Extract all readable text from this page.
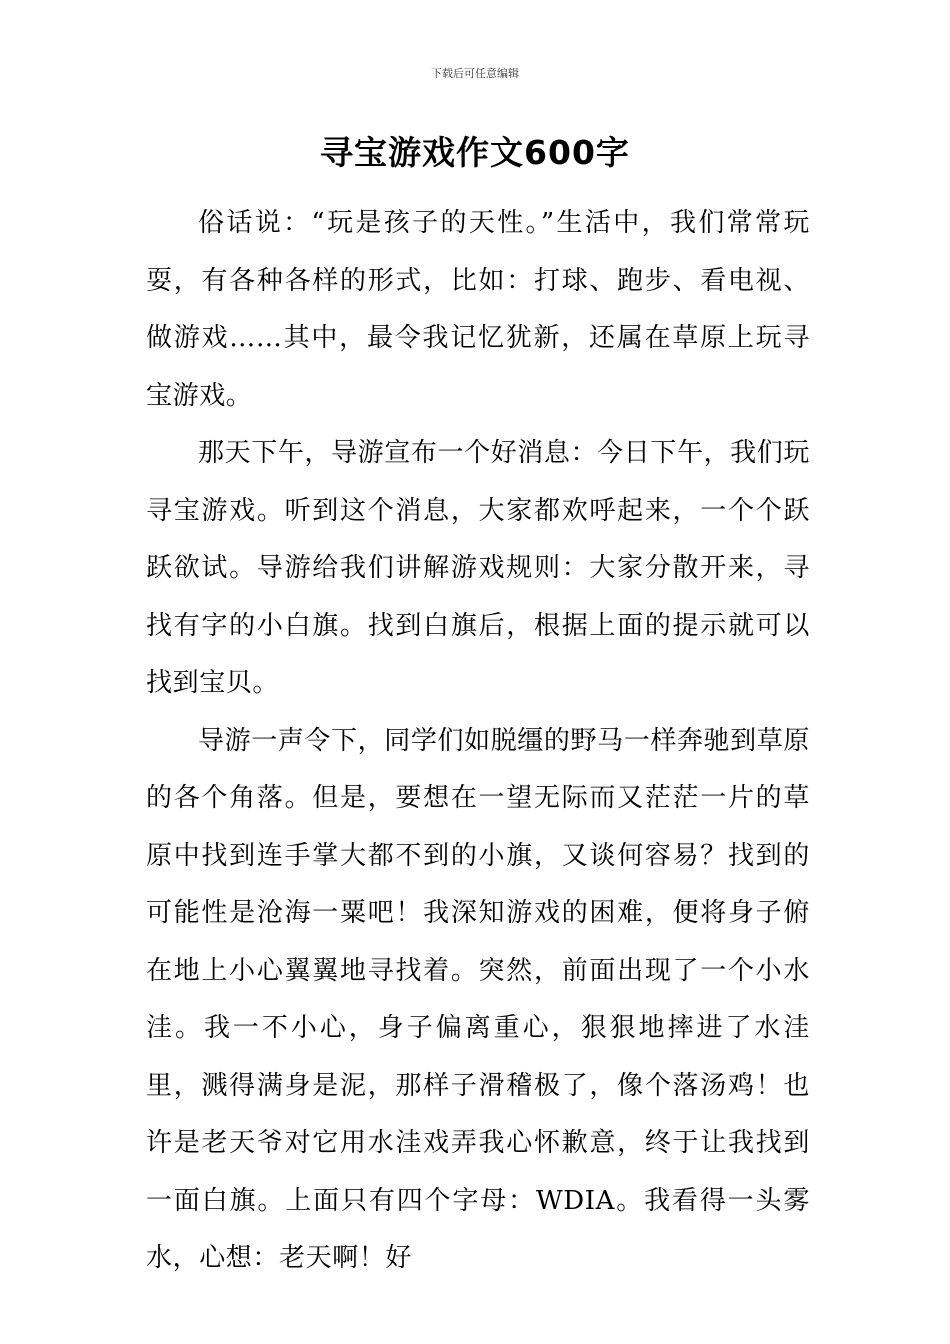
下载后可任意编辑
寻宝游戏作文600字

俗话说：“玩是孩子的天性。”生活中，我们常常玩耍，有各种各样的形式，比如：打球、跑步、看电视、做游戏……其中，最令我记忆犹新，还属在草原上玩寻宝游戏。

那天下午，导游宣布一个好消息：今日下午，我们玩寻宝游戏。听到这个消息，大家都欢呼起来，一个个跃跃欲试。导游给我们讲解游戏规则：大家分散开来，寻找有字的小白旗。找到白旗后，根据上面的提示就可以找到宝贝。

导游一声令下，同学们如脱缰的野马一样奔驰到草原的各个角落。但是，要想在一望无际而又茫茫一片的草原中找到连手掌大都不到的小旗，又谈何容易？找到的可能性是沧海一粟吧！我深知游戏的困难，便将身子俯在地上小心翼翼地寻找着。突然，前面出现了一个小水洼。我一不小心，身子偏离重心，狠狠地摔进了水洼里，溅得满身是泥，那样子滑稽极了，像个落汤鸡！也许是老天爷对它用水洼戏弄我心怀歉意，终于让我找到一面白旗。上面只有四个字母：WDIA。我看得一头雾水，心想：老天啊！好
